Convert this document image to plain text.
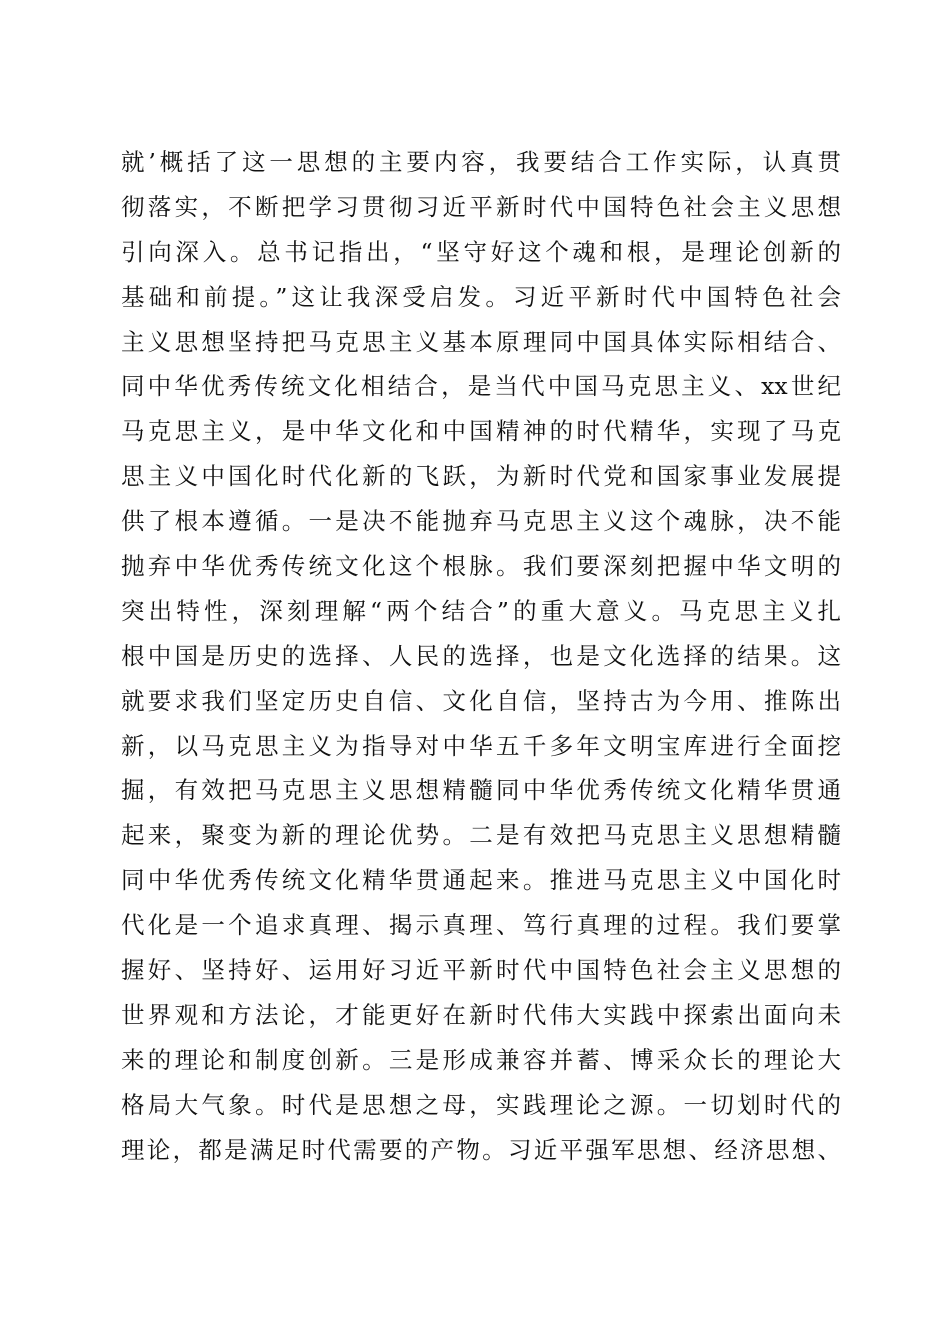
就’概括了这一思想的主要内容，我要结合工作实际，认真贯
彻落实，不断把学习贯彻习近平新时代中国特色社会主义思想
引向深入。总书记指出，“坚守好这个魂和根，是理论创新的
基础和前提。”这让我深受启发。习近平新时代中国特色社会
主义思想坚持把马克思主义基本原理同中国具体实际相结合、
同中华优秀传统文化相结合，是当代中国马克思主义、xx世纪
马克思主义，是中华文化和中国精神的时代精华，实现了马克
思主义中国化时代化新的飞跃，为新时代党和国家事业发展提
供了根本遵循。一是决不能抛弃马克思主义这个魂脉，决不能
抛弃中华优秀传统文化这个根脉。我们要深刻把握中华文明的
突出特性，深刻理解“两个结合”的重大意义。马克思主义扎
根中国是历史的选择、人民的选择，也是文化选择的结果。这
就要求我们坚定历史自信、文化自信，坚持古为今用、推陈出
新，以马克思主义为指导对中华五千多年文明宝库进行全面挖
掘，有效把马克思主义思想精髓同中华优秀传统文化精华贯通
起来，聚变为新的理论优势。二是有效把马克思主义思想精髓
同中华优秀传统文化精华贯通起来。推进马克思主义中国化时
代化是一个追求真理、揭示真理、笃行真理的过程。我们要掌
握好、坚持好、运用好习近平新时代中国特色社会主义思想的
世界观和方法论，才能更好在新时代伟大实践中探索出面向未
来的理论和制度创新。三是形成兼容并蓄、博采众长的理论大
格局大气象。时代是思想之母，实践理论之源。一切划时代的
理论，都是满足时代需要的产物。习近平强军思想、经济思想、
